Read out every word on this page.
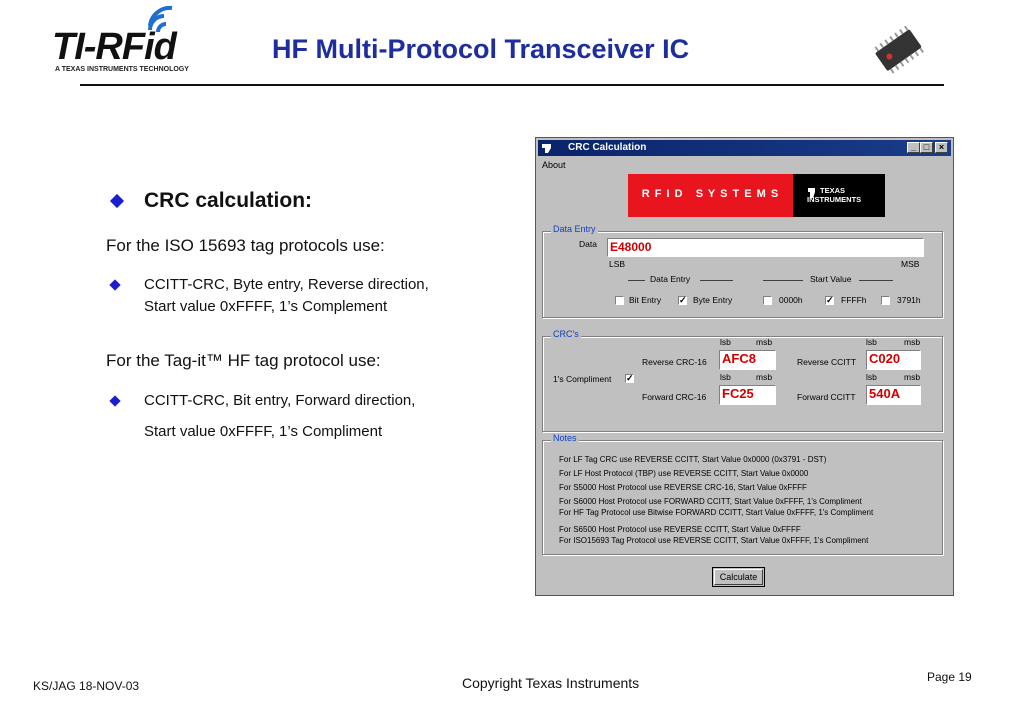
TI-RFid
A TEXAS INSTRUMENTS TECHNOLOGY
HF Multi-Protocol Transceiver IC
CRC calculation:
For the ISO 15693 tag protocols use:
CCITT-CRC, Byte entry, Reverse direction,
Start value 0xFFFF, 1’s Complement
For the Tag-it™ HF tag protocol use:
CCITT-CRC, Bit entry, Forward direction,
Start value 0xFFFF, 1’s Compliment
CRC Calculation	_ □	×
About
R F I D   S Y S T E M S	TEXAS
INSTRUMENTS
Data Entry
Data E48000
LSB	MSB
Data Entry	Start Value
Bit Entry ✓ Byte Entry	0000h	✓ FFFFh	3791h
CRC's
lsb	msb	lsb	msb
Reverse CRC-16 AFC8	Reverse CCITT C020
1's Compliment ✓	lsb	msb	lsb	msb
Forward CRC-16 FC25	Forward CCITT 540A
Notes
For LF Tag CRC use REVERSE CCITT, Start Value 0x0000 (0x3791 - DST)
For LF Host Protocol (TBP) use REVERSE CCITT, Start Value 0x0000
For S5000 Host Protocol use REVERSE CRC-16, Start Value 0xFFFF
For S6000 Host Protocol use FORWARD CCITT, Start Value 0xFFFF, 1's Compliment
For HF Tag Protocol use Bitwise FORWARD CCITT, Start Value 0xFFFF, 1's Compliment
For S6500 Host Protocol use REVERSE CCITT, Start Value 0xFFFF
For ISO15693 Tag Protocol use REVERSE CCITT, Start Value 0xFFFF, 1's Compliment
Calculate
KS/JAG 18-NOV-03	Copyright Texas Instruments	Page 19
